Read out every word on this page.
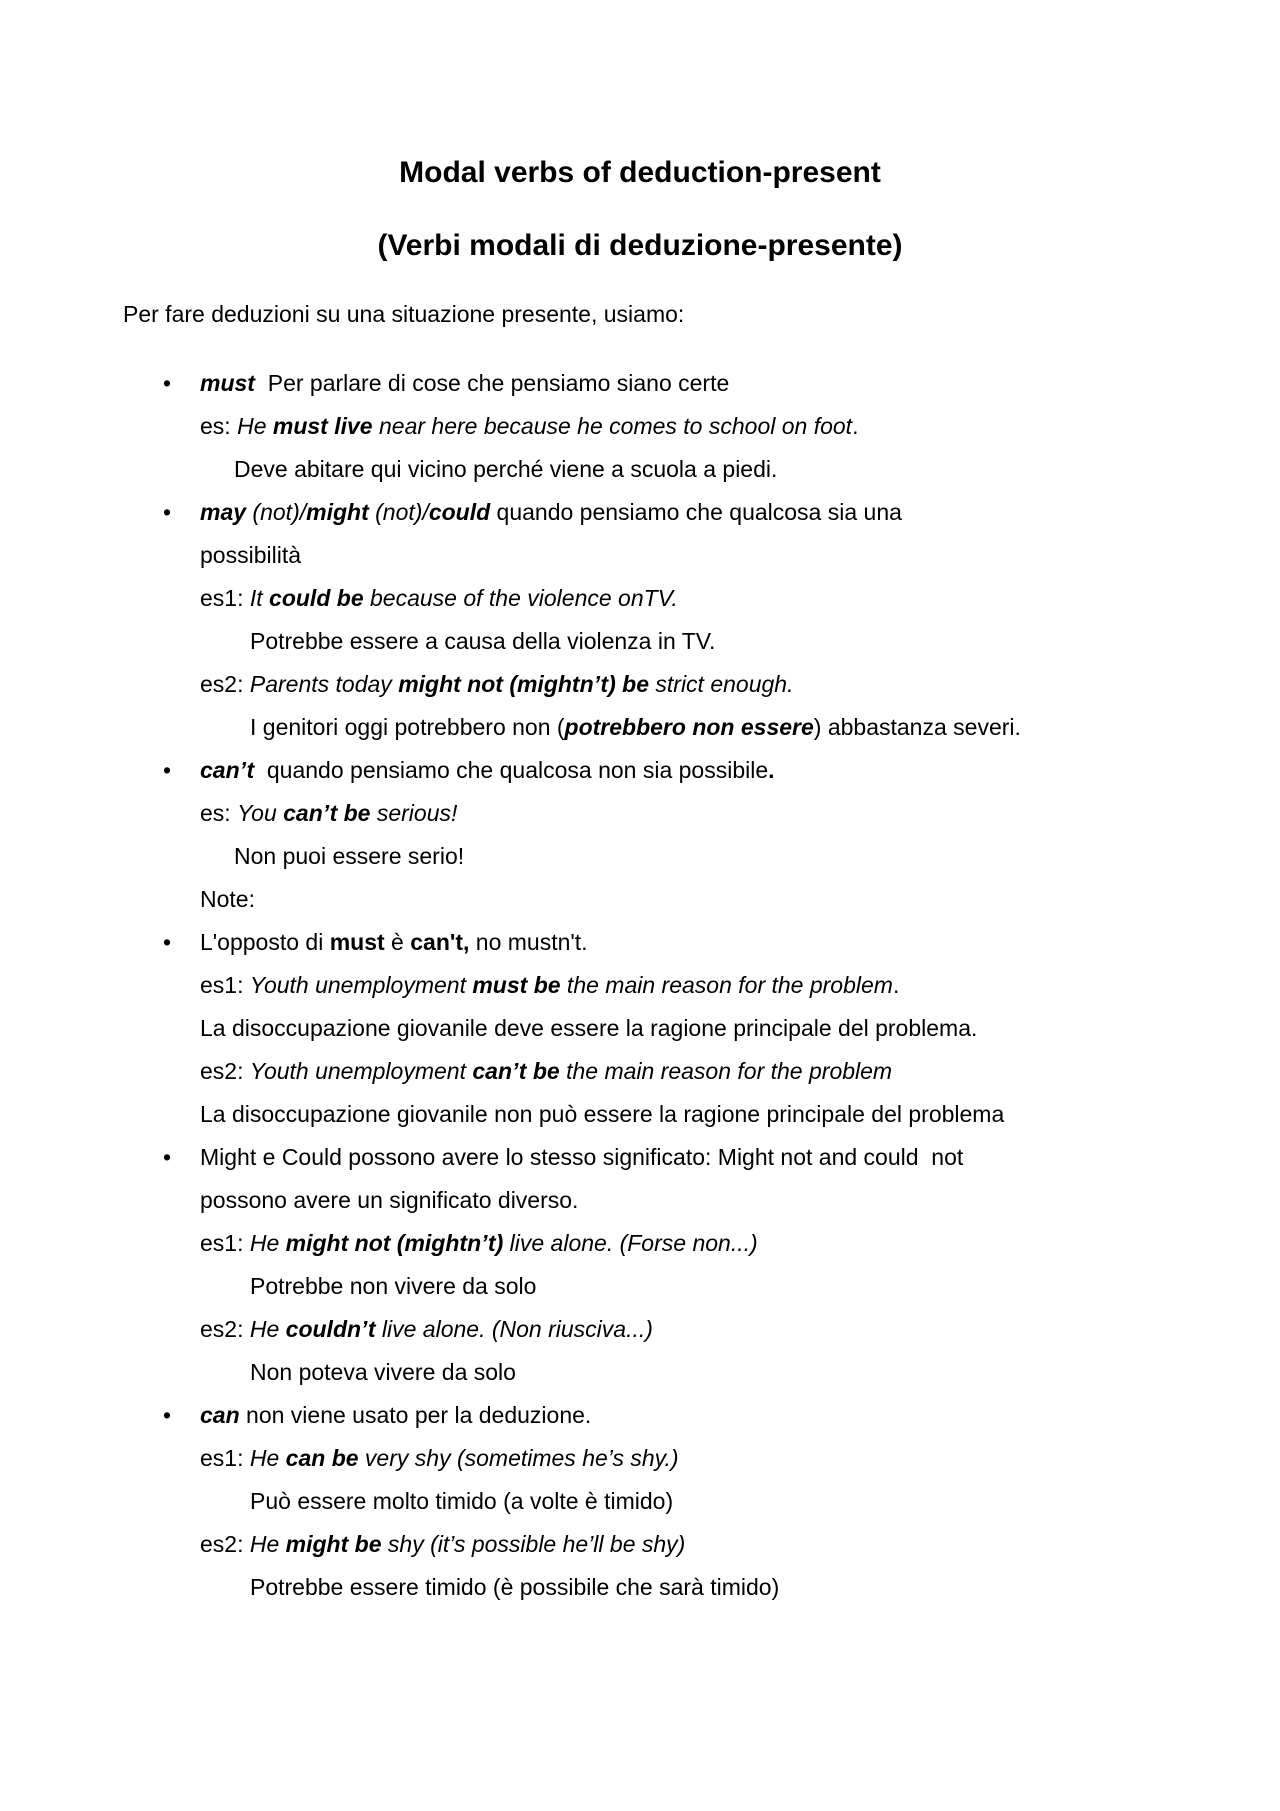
Modal verbs of deduction-present
(Verbi modali di deduzione-presente)

Per fare deduzioni su una situazione presente, usiamo:

• must  Per parlare di cose che pensiamo siano certe
es: He must live near here because he comes to school on foot.
Deve abitare qui vicino perché viene a scuola a piedi.
• may (not)/might (not)/could quando pensiamo che qualcosa sia una
possibilità
es1: It could be because of the violence onTV.
Potrebbe essere a causa della violenza in TV.
es2: Parents today might not (mightn’t) be strict enough.
I genitori oggi potrebbero non (potrebbero non essere) abbastanza severi.
• can’t  quando pensiamo che qualcosa non sia possibile.
es: You can’t be serious!
Non puoi essere serio!
Note:
• L'opposto di must è can't, no mustn't.
es1: Youth unemployment must be the main reason for the problem.
La disoccupazione giovanile deve essere la ragione principale del problema.
es2: Youth unemployment can’t be the main reason for the problem
La disoccupazione giovanile non può essere la ragione principale del problema
• Might e Could possono avere lo stesso significato: Might not and could  not
possono avere un significato diverso.
es1: He might not (mightn’t) live alone. (Forse non...)
Potrebbe non vivere da solo
es2: He couldn’t live alone. (Non riusciva...)
Non poteva vivere da solo
• can non viene usato per la deduzione.
es1: He can be very shy (sometimes he’s shy.)
Può essere molto timido (a volte è timido)
es2: He might be shy (it’s possible he’ll be shy)
Potrebbe essere timido (è possibile che sarà timido)
